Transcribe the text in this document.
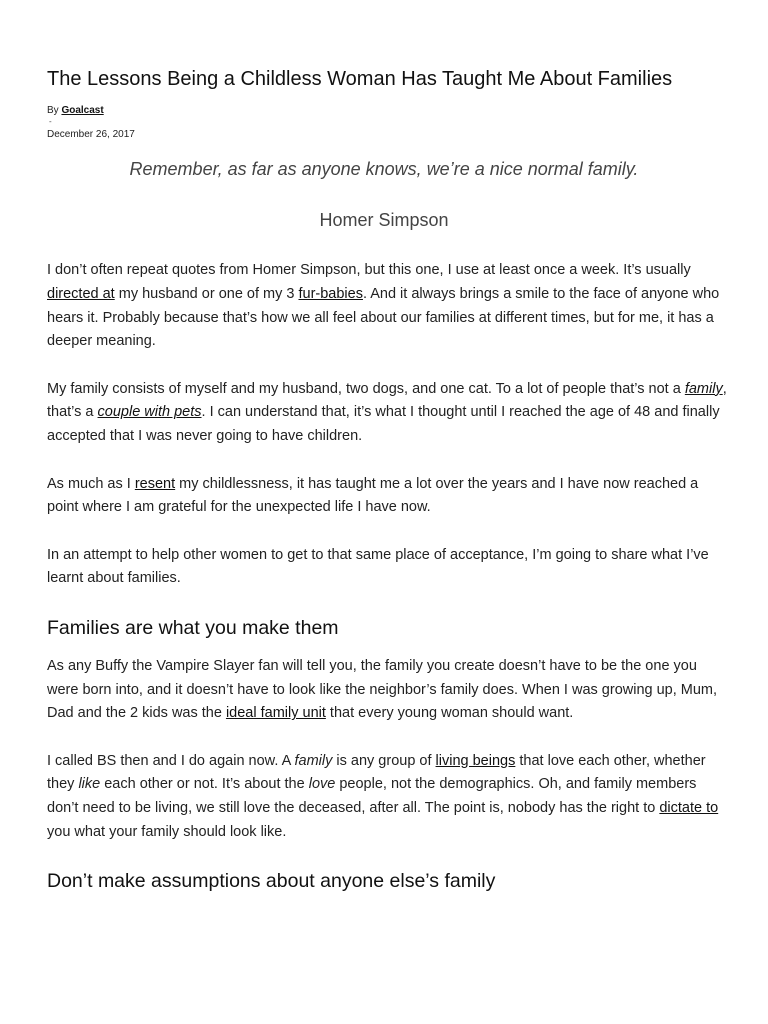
The Lessons Being a Childless Woman Has Taught Me About Families
By Goalcast
-
December 26, 2017

Remember, as far as anyone knows, we’re a nice normal family.

Homer Simpson

I don’t often repeat quotes from Homer Simpson, but this one, I use at least once a week. It’s usually directed at my husband or one of my 3 fur-babies. And it always brings a smile to the face of anyone who hears it. Probably because that’s how we all feel about our families at different times, but for me, it has a deeper meaning.

My family consists of myself and my husband, two dogs, and one cat. To a lot of people that’s not a family, that’s a couple with pets. I can understand that, it’s what I thought until I reached the age of 48 and finally accepted that I was never going to have children.

As much as I resent my childlessness, it has taught me a lot over the years and I have now reached a point where I am grateful for the unexpected life I have now.

In an attempt to help other women to get to that same place of acceptance, I’m going to share what I’ve learnt about families.

Families are what you make them

As any Buffy the Vampire Slayer fan will tell you, the family you create doesn’t have to be the one you were born into, and it doesn’t have to look like the neighbor’s family does. When I was growing up, Mum, Dad and the 2 kids was the ideal family unit that every young woman should want.

I called BS then and I do again now. A family is any group of living beings that love each other, whether they like each other or not. It’s about the love people, not the demographics. Oh, and family members don’t need to be living, we still love the deceased, after all. The point is, nobody has the right to dictate to you what your family should look like.

Don’t make assumptions about anyone else’s family
